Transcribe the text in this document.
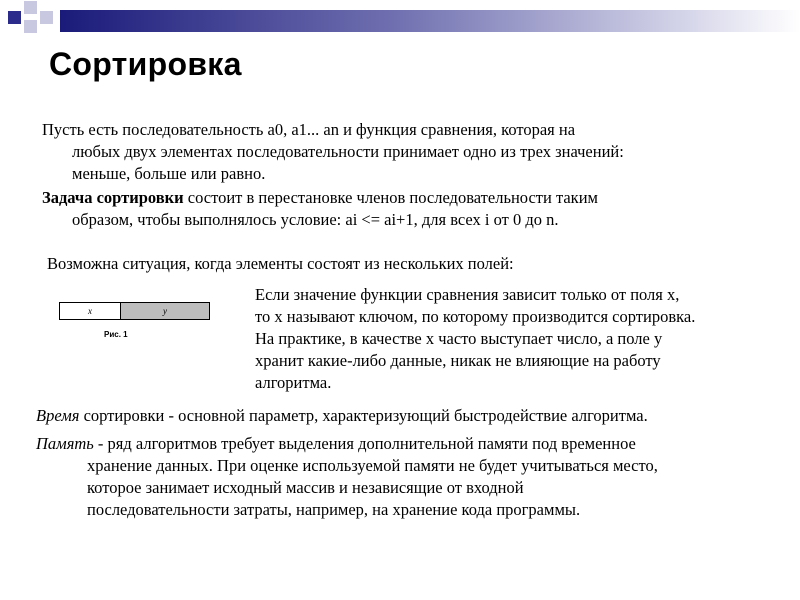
Сортировка
Пусть есть последовательность a0, a1... an и функция сравнения, которая на
любых двух элементах последовательности принимает одно из трех значений:
меньше, больше или равно.
Задача сортировки состоит в перестановке членов последовательности таким
образом, чтобы выполнялось условие: ai <= ai+1, для всех i от 0 до n.
Возможна ситуация, когда элементы состоят из нескольких полей:
x	y
Рис. 1
Если значение функции сравнения зависит только от поля x,
то x называют ключом, по которому производится сортировка.
На практике, в качестве x часто выступает число, а поле y
хранит какие-либо данные, никак не влияющие на работу
алгоритма.
Время сортировки - основной параметр, характеризующий быстродействие алгоритма.
Память - ряд алгоритмов требует выделения дополнительной памяти под временное
хранение данных. При оценке используемой памяти не будет учитываться место,
которое занимает исходный массив и независящие от входной
последовательности затраты, например, на хранение кода программы.
